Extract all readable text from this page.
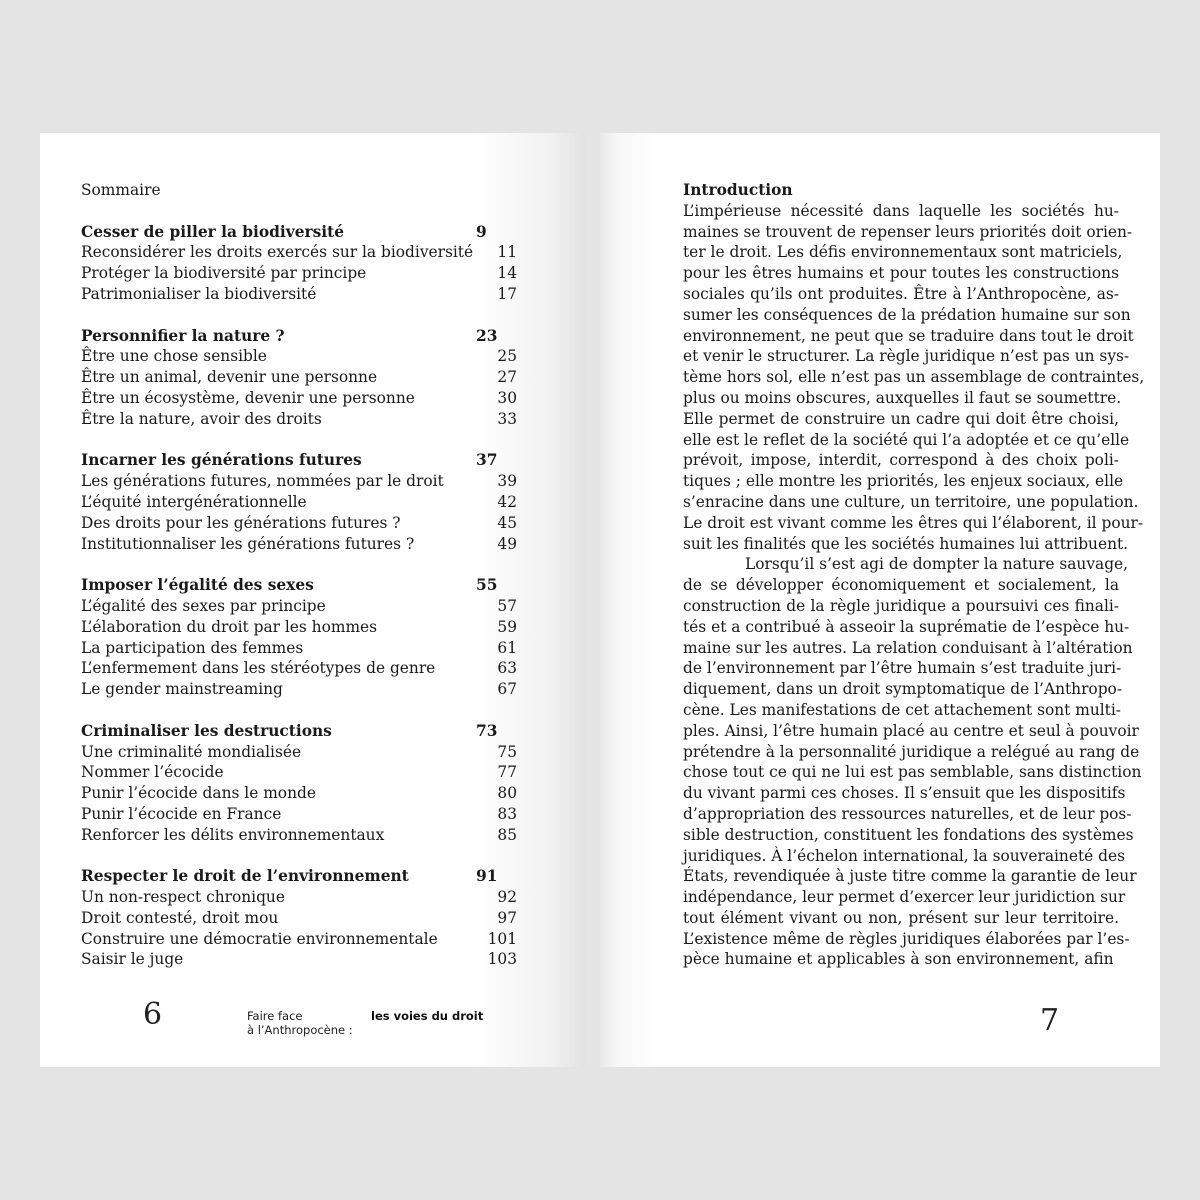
Sommaire
Cesser de piller la biodiversité	9
Reconsidérer les droits exercés sur la biodiversité 11
Protéger la biodiversité par principe	14
Patrimonialiser la biodiversité	17
Personnifier la nature ?	23
Être une chose sensible	25
Être un animal, devenir une personne	27
Être un écosystème, devenir une personne	30
Être la nature, avoir des droits	33
Incarner les générations futures	37
Les générations futures, nommées par le droit	39
L’équité intergénérationnelle	42
Des droits pour les générations futures ?	45
Institutionnaliser les générations futures ?	49
Imposer l’égalité des sexes	55
L’égalité des sexes par principe	57
L’élaboration du droit par les hommes	59
La participation des femmes	61
L’enfermement dans les stéréotypes de genre	63
Le gender mainstreaming	67
Criminaliser les destructions	73
Une criminalité mondialisée	75
Nommer l’écocide	77
Punir l’écocide dans le monde	80
Punir l’écocide en France	83
Renforcer les délits environnementaux	85
Respecter le droit de l’environnement	91
Un non-respect chronique	92
Droit contesté, droit mou	97
Construire une démocratie environnementale	101
Saisir le juge	103
6	Faire face
à l’Anthropocène :
les voies du droit
Introduction
L’impérieuse nécessité dans laquelle les sociétés hu-
maines se trouvent de repenser leurs priorités doit orien-
ter le droit. Les défis environnementaux sont matriciels,
pour les êtres humains et pour toutes les constructions
sociales qu’ils ont produites. Être à l’Anthropocène, as-
sumer les conséquences de la prédation humaine sur son
environnement, ne peut que se traduire dans tout le droit
et venir le structurer. La règle juridique n’est pas un sys-
tème hors sol, elle n’est pas un assemblage de contraintes,
plus ou moins obscures, auxquelles il faut se soumettre.
Elle permet de construire un cadre qui doit être choisi,
elle est le reflet de la société qui l’a adoptée et ce qu’elle
prévoit, impose, interdit, correspond à des choix poli-
tiques ; elle montre les priorités, les enjeux sociaux, elle
s’enracine dans une culture, un territoire, une population.
Le droit est vivant comme les êtres qui l’élaborent, il pour-
suit les finalités que les sociétés humaines lui attribuent.
Lorsqu’il s’est agi de dompter la nature sauvage,
de se développer économiquement et socialement, la
construction de la règle juridique a poursuivi ces finali-
tés et a contribué à asseoir la suprématie de l’espèce hu-
maine sur les autres. La relation conduisant à l’altération
de l’environnement par l’être humain s’est traduite juri-
diquement, dans un droit symptomatique de l’Anthropo-
cène. Les manifestations de cet attachement sont multi-
ples. Ainsi, l’être humain placé au centre et seul à pouvoir
prétendre à la personnalité juridique a relégué au rang de
chose tout ce qui ne lui est pas semblable, sans distinction
du vivant parmi ces choses. Il s’ensuit que les dispositifs
d’appropriation des ressources naturelles, et de leur pos-
sible destruction, constituent les fondations des systèmes
juridiques. À l’échelon international, la souveraineté des
États, revendiquée à juste titre comme la garantie de leur
indépendance, leur permet d’exercer leur juridiction sur
tout élément vivant ou non, présent sur leur territoire.
L’existence même de règles juridiques élaborées par l’es-
pèce humaine et applicables à son environnement, afin
7
